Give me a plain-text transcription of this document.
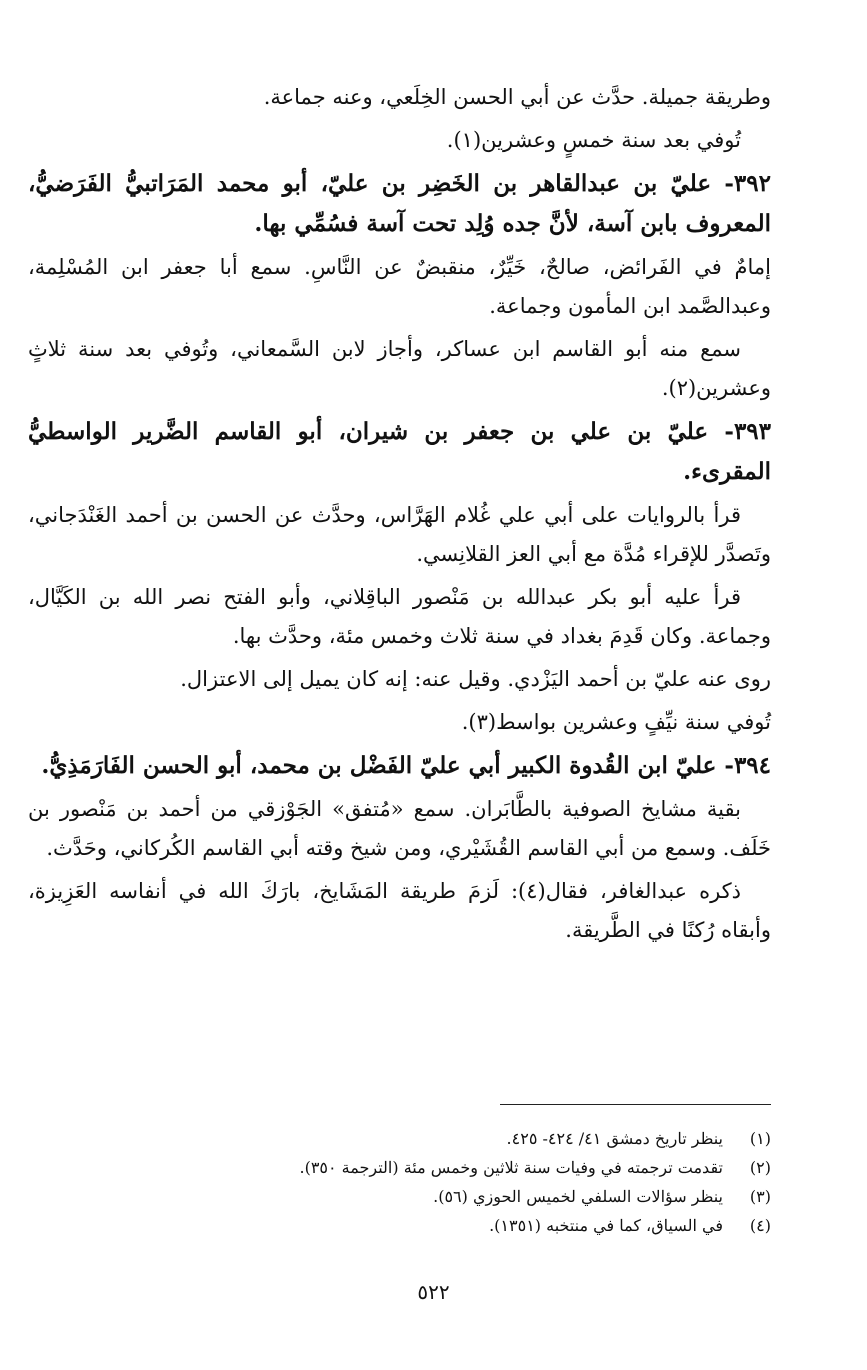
وطريقة جميلة. حدَّث عن أبي الحسن الخِلَعي، وعنه جماعة.

تُوفي بعد سنة خمسٍ وعشرين(١).

٣٩٢- عليّ بن عبدالقاهر بن الخَضِر بن عليّ، أبو محمد المَرَاتبيُّ الفَرَضيُّ، المعروف بابن آسة، لأنَّ جده وُلِد تحت آسة فسُمِّي بها.

إمامٌ في الفَرائض، صالحٌ، خَيِّرٌ، منقبضٌ عن النَّاسِ. سمع أبا جعفر ابن المُسْلِمة، وعبدالصَّمد ابن المأمون وجماعة.

سمع منه أبو القاسم ابن عساكر، وأجاز لابن السَّمعاني، وتُوفي بعد سنة ثلاثٍ وعشرين(٢).

٣٩٣- عليّ بن علي بن جعفر بن شيران، أبو القاسم الضَّرير الواسطيُّ المقرىء.

قرأ بالروايات على أبي علي غُلام الهَرَّاس، وحدَّث عن الحسن بن أحمد الغَنْدَجاني، وتَصدَّر للإقراء مُدَّة مع أبي العز القلانِسي.

قرأ عليه أبو بكر عبدالله بن مَنْصور الباقِلاني، وأبو الفتح نصر الله بن الكَيَّال، وجماعة. وكان قَدِمَ بغداد في سنة ثلاث وخمس مئة، وحدَّث بها.

روى عنه عليّ بن أحمد اليَزْدي. وقيل عنه: إنه كان يميل إلى الاعتزال.

تُوفي سنة نيِّفٍ وعشرين بواسط(٣).

٣٩٤- عليّ ابن القُدوة الكبير أبي عليّ الفَضْل بن محمد، أبو الحسن الفَارَمَذِيُّ.

بقية مشايخ الصوفية بالطَّابَران. سمع «مُتفق» الجَوْزقي من أحمد بن مَنْصور بن خَلَف. وسمع من أبي القاسم القُشَيْري، ومن شيخ وقته أبي القاسم الكُركاني، وحَدَّث.

ذكره عبدالغافر، فقال(٤): لَزمَ طريقة المَشَايخ، بارَكَ الله في أنفاسه العَزِيزة، وأبقاه رُكنًا في الطَّريقة.

(١)
ينظر تاريخ دمشق ٤١/ ٤٢٤- ٤٢٥.
(٢)
تقدمت ترجمته في وفيات سنة ثلاثين وخمس مئة (الترجمة ٣٥٠).
(٣)
ينظر سؤالات السلفي لخميس الحوزي (٥٦).
(٤)
في السياق، كما في منتخبه (١٣٥١).
٥٢٢
